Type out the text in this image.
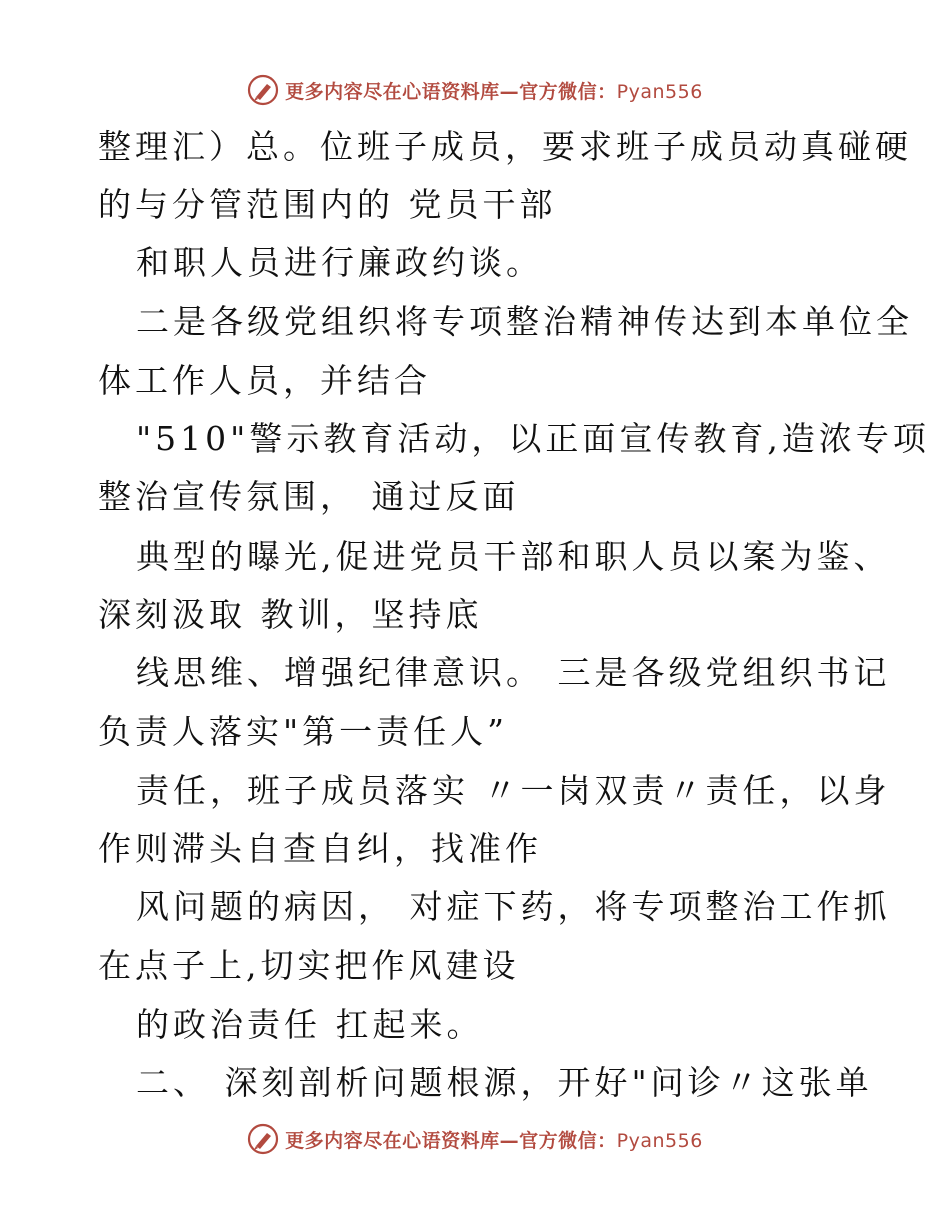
更多内容尽在心语资料库—官方微信：Pyan556
整理汇）总。位班子成员，要求班子成员动真碰硬
的与分管范围内的 党员干部
和职人员进行廉政约谈。
二是各级党组织将专项整治精神传达到本单位全
体工作人员，并结合
"510"警示教育活动，以正面宣传教育,造浓专项
整治宣传氛围， 通过反面
典型的曝光,促进党员干部和职人员以案为鉴、
深刻汲取 教训，坚持底
线思维、增强纪律意识。 三是各级党组织书记
负责人落实"第一责任人”
责任，班子成员落实 〃一岗双责〃责任，以身
作则滞头自查自纠，找准作
风问题的病因， 对症下药，将专项整治工作抓
在点子上,切实把作风建设
的政治责任 扛起来。
二、 深刻剖析问题根源，开好"问诊〃这张单
更多内容尽在心语资料库—官方微信：Pyan556
